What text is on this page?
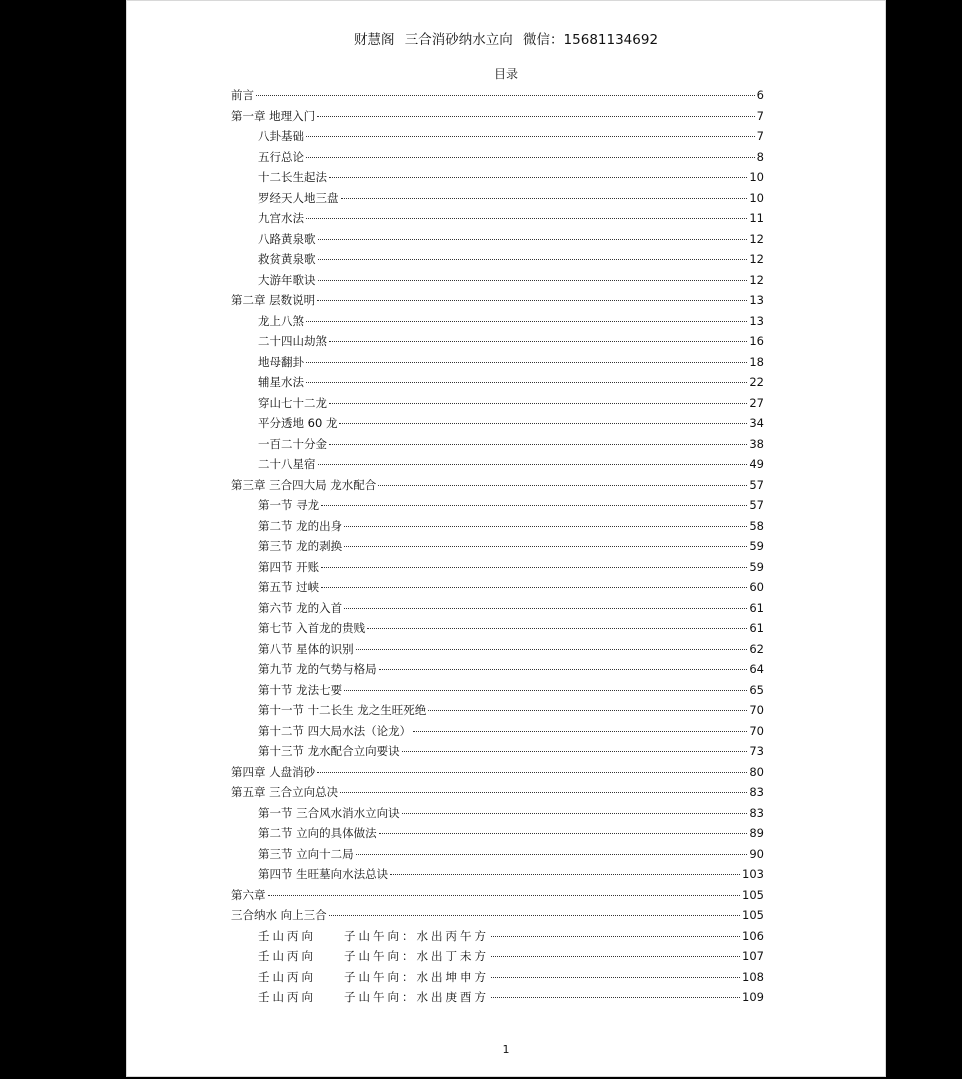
财慧阁 三合消砂纳水立向 微信：15681134692
目录
前言	6
第一章 地理入门	7
八卦基础	7
五行总论	8
十二长生起法	10
罗经天人地三盘	10
九宫水法	11
八路黄泉歌	12
救贫黄泉歌	12
大游年歌诀	12
第二章 层数说明	13
龙上八煞	13
二十四山劫煞	16
地母翻卦	18
辅星水法	22
穿山七十二龙	27
平分透地 60 龙	34
一百二十分金	38
二十八星宿	49
第三章 三合四大局 龙水配合	57
第一节 寻龙	57
第二节 龙的出身	58
第三节 龙的剥换	59
第四节 开账	59
第五节 过峡	60
第六节 龙的入首	61
第七节 入首龙的贵贱	61
第八节 星体的识别	62
第九节 龙的气势与格局	64
第十节 龙法七要	65
第十一节 十二长生 龙之生旺死绝	70
第十二节 四大局水法（论龙）	70
第十三节 龙水配合立向要诀	73
第四章 人盘消砂	80
第五章 三合立向总决	83
第一节 三合风水消水立向诀	83
第二节 立向的具体做法	89
第三节 立向十二局	90
第四节 生旺墓向水法总诀	103
第六章	105
三合纳水 向上三合	105
壬山丙向 子山午向：水出丙午方	106
壬山丙向 子山午向：水出丁未方	107
壬山丙向 子山午向：水出坤申方	108
壬山丙向 子山午向：水出庚酉方	109
1
